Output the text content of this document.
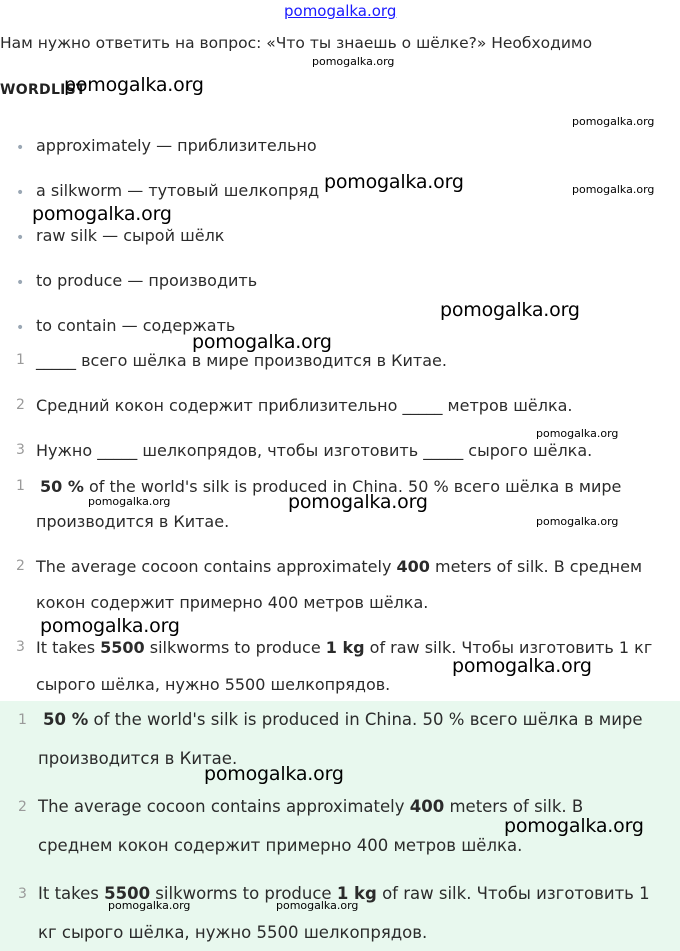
pomogalka.org
Нам нужно ответить на вопрос: «Что ты знаешь о шёлке?» Необходимо
WORDLIST
• approximately — приблизительно
• a silkworm — тутовый шелкопряд
• raw silk — сырой шёлк
• to produce — производить
• to contain — содержать
1 _____ всего шёлка в мире производится в Китае.
2 Средний кокон содержит приблизительно _____ метров шёлка.
3 Нужно _____ шелкопрядов, чтобы изготовить _____ сырого шёлка.
1 50 % of the world's silk is produced in China. 50 % всего шёлка в мире
производится в Китае.
2 The average cocoon contains approximately 400 meters of silk. В среднем
кокон содержит примерно 400 метров шёлка.
3 It takes 5500 silkworms to produce 1 kg of raw silk. Чтобы изготовить 1 кг
сырого шёлка, нужно 5500 шелкопрядов.
1 50 % of the world's silk is produced in China. 50 % всего шёлка в мире
производится в Китае.
2 The average cocoon contains approximately 400 meters of silk. В
среднем кокон содержит примерно 400 метров шёлка.
3 It takes 5500 silkworms to produce 1 kg of raw silk. Чтобы изготовить 1
кг сырого шёлка, нужно 5500 шелкопрядов.
pomogalka.org
pomogalka.org
pomogalka.org
pomogalka.org
pomogalka.org
pomogalka.org
pomogalka.org
pomogalka.org
pomogalka.org
pomogalka.org
pomogalka.org
pomogalka.org
pomogalka.org
pomogalka.org
pomogalka.org
pomogalka.org
pomogalka.org	pomogalka.org
